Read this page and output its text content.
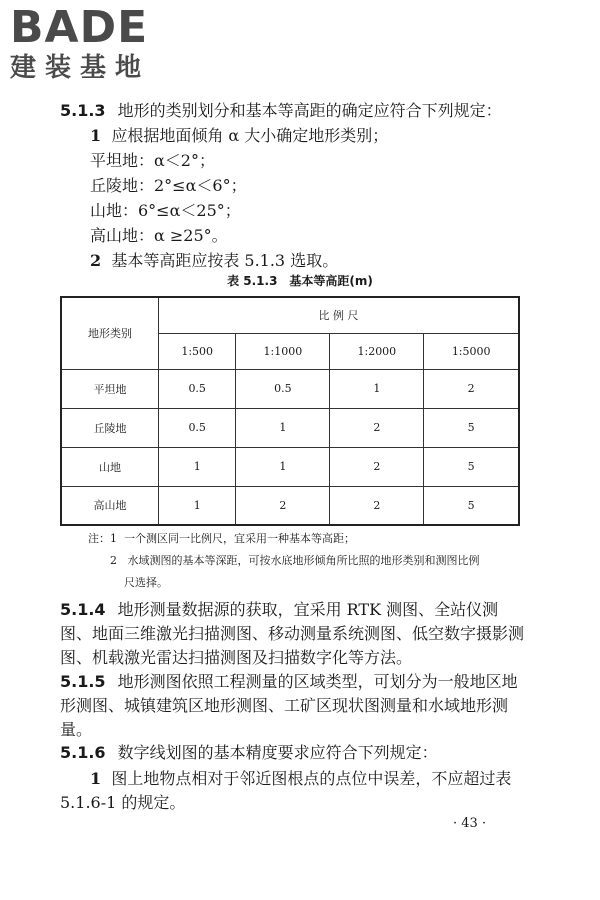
BADE
建装基地
5.1.3 地形的类别划分和基本等高距的确定应符合下列规定：
1 应根据地面倾角 α 大小确定地形类别；
平坦地：α＜2°；
丘陵地：2°≤α＜6°；
山地：6°≤α＜25°；
高山地：α ≥25°。
2 基本等高距应按表 5.1.3 选取。
表 5.1.3　基本等高距(m)
地形类别	比 例 尺			
	1:500	1:1000	1:2000	1:5000
平坦地	0.5	0.5	1	2
丘陵地	0.5	1	2	5
山地	1	1	2	5
高山地	1	2	2	5
注：1 一个测区同一比例尺，宜采用一种基本等高距；
2 水域测图的基本等深距，可按水底地形倾角所比照的地形类别和测图比例
尺选择。
5.1.4 地形测量数据源的获取，宜采用 RTK 测图、全站仪测图、地面三维激光扫描测图、移动测量系统测图、低空数字摄影测图、机载激光雷达扫描测图及扫描数字化等方法。
5.1.5 地形测图依照工程测量的区域类型，可划分为一般地区地形测图、城镇建筑区地形测图、工矿区现状图测量和水域地形测量。
5.1.6 数字线划图的基本精度要求应符合下列规定：
1 图上地物点相对于邻近图根点的点位中误差，不应超过表
5.1.6-1 的规定。
· 43 ·
